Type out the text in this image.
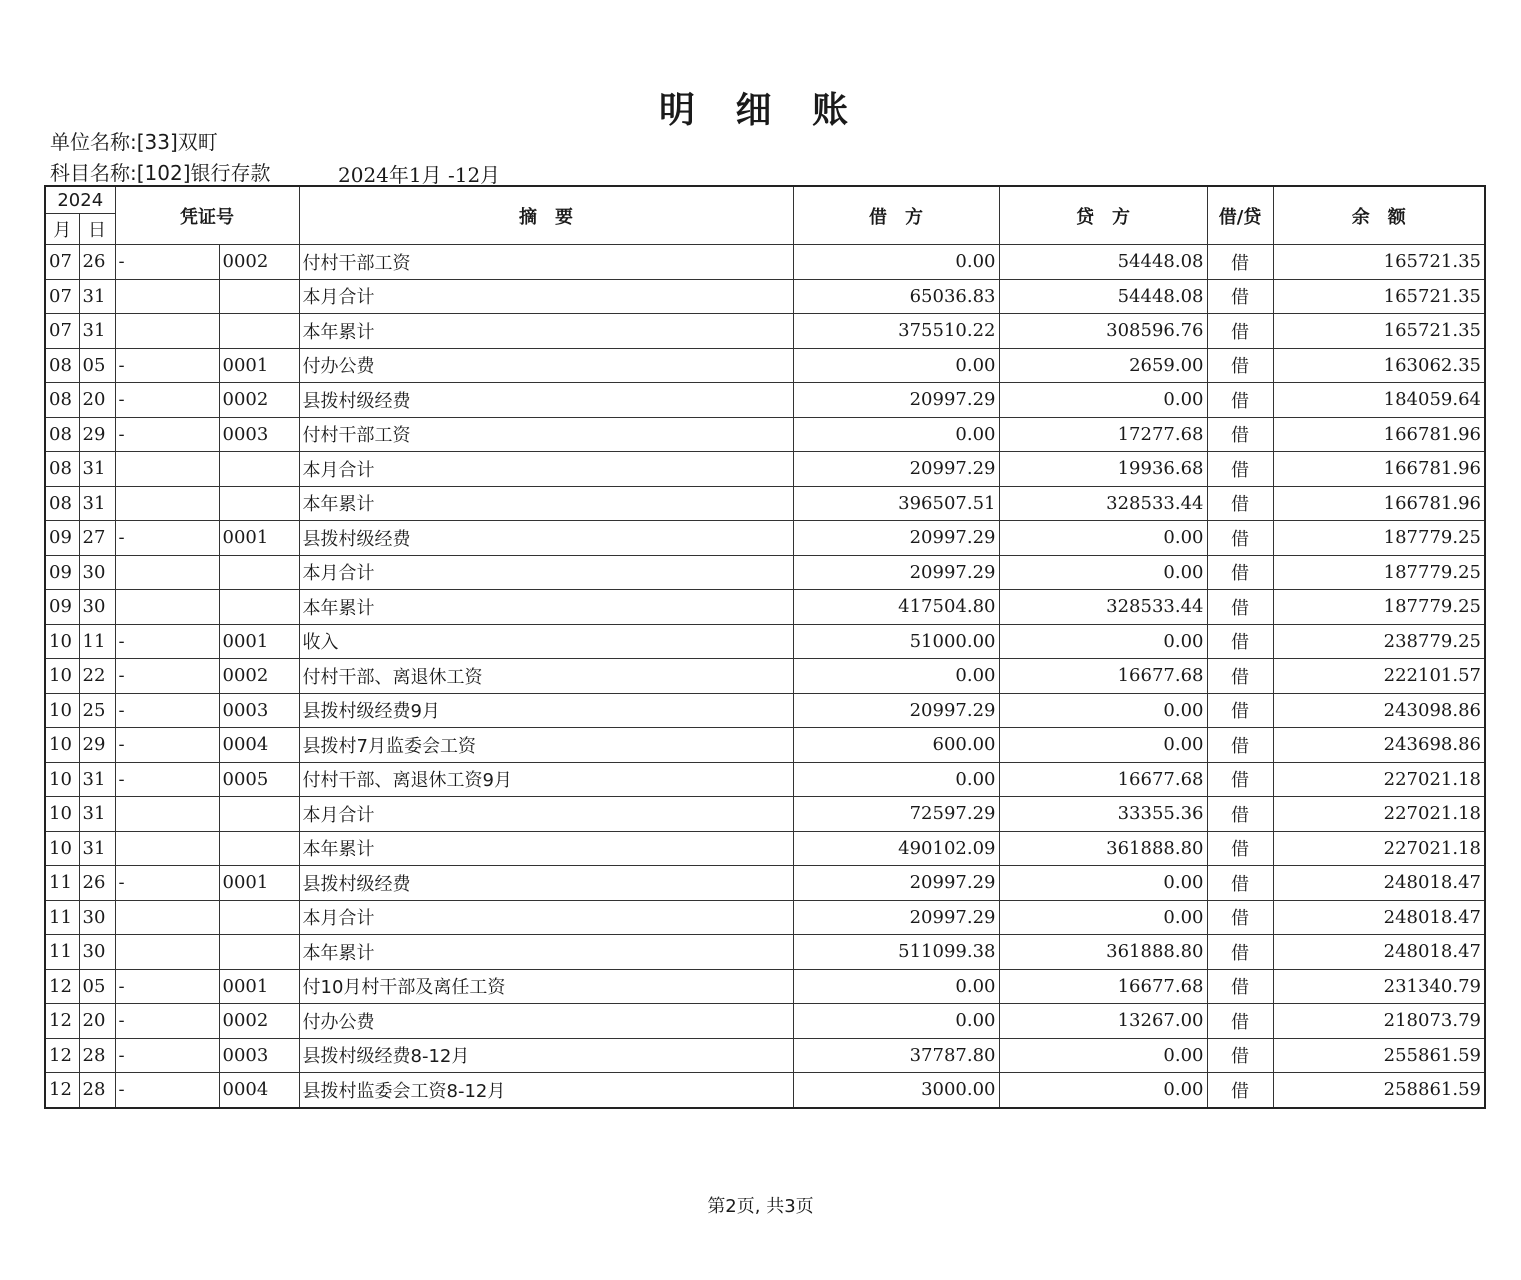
明 细 账
单位名称:[33]双町
科目名称:[102]银行存款	2024年1月 -12月
2024		凭证号		摘　要	借　方	贷　方	借/贷	余　额
月	日							
07	26	-	0002	付村干部工资	0.00	54448.08	借	165721.35
07	31			本月合计	65036.83	54448.08	借	165721.35
07	31			本年累计	375510.22	308596.76	借	165721.35
08	05	-	0001	付办公费	0.00	2659.00	借	163062.35
08	20	-	0002	县拨村级经费	20997.29	0.00	借	184059.64
08	29	-	0003	付村干部工资	0.00	17277.68	借	166781.96
08	31			本月合计	20997.29	19936.68	借	166781.96
08	31			本年累计	396507.51	328533.44	借	166781.96
09	27	-	0001	县拨村级经费	20997.29	0.00	借	187779.25
09	30			本月合计	20997.29	0.00	借	187779.25
09	30			本年累计	417504.80	328533.44	借	187779.25
10	11	-	0001	收入	51000.00	0.00	借	238779.25
10	22	-	0002	付村干部、离退休工资	0.00	16677.68	借	222101.57
10	25	-	0003	县拨村级经费9月	20997.29	0.00	借	243098.86
10	29	-	0004	县拨村7月监委会工资	600.00	0.00	借	243698.86
10	31	-	0005	付村干部、离退休工资9月	0.00	16677.68	借	227021.18
10	31			本月合计	72597.29	33355.36	借	227021.18
10	31			本年累计	490102.09	361888.80	借	227021.18
11	26	-	0001	县拨村级经费	20997.29	0.00	借	248018.47
11	30			本月合计	20997.29	0.00	借	248018.47
11	30			本年累计	511099.38	361888.80	借	248018.47
12	05	-	0001	付10月村干部及离任工资	0.00	16677.68	借	231340.79
12	20	-	0002	付办公费	0.00	13267.00	借	218073.79
12	28	-	0003	县拨村级经费8-12月	37787.80	0.00	借	255861.59
12	28	-	0004	县拨村监委会工资8-12月	3000.00	0.00	借	258861.59
第2页, 共3页
